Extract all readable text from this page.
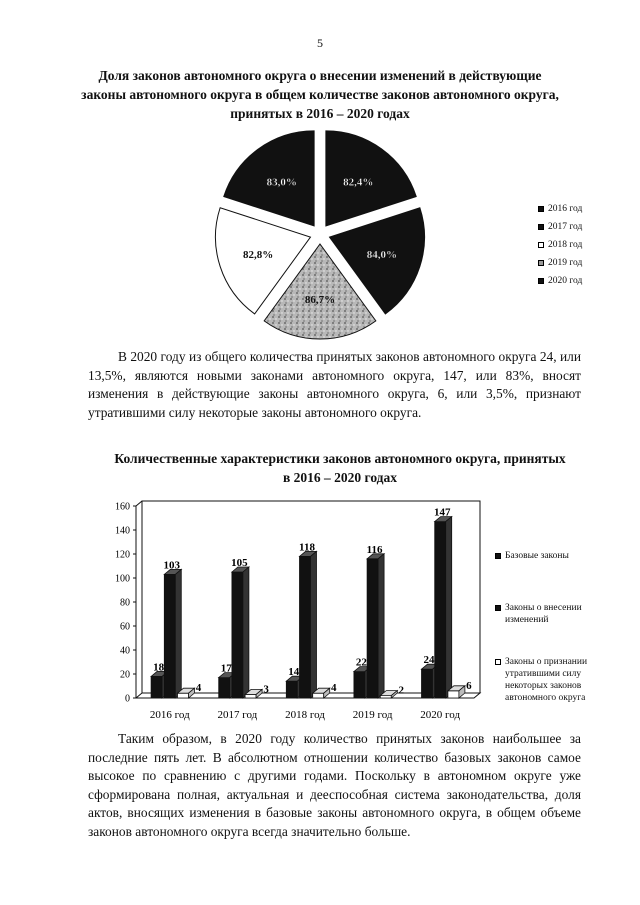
5
Доля законов автономного округа о внесении изменений в действующие законы автономного округа в общем количестве законов автономного округа, принятых в 2016 – 2020 годах
83,0%	82,4%
84,0%
86,7%
82,8%
2016 год
2017 год
2018 год
2019 год
2020 год
В 2020 году из общего количества принятых законов автономного округа 24, или 13,5%, являются новыми законами автономного округа, 147, или 83%, вносят изменения в действующие законы автономного округа, 6, или 3,5%, признают утратившими силу некоторые законы автономного округа.
Количественные характеристики законов автономного округа, принятых в 2016 – 2020 годах
0
20
40
60
80
100
120
140
160
2016 год
18
103
4
2017 год
17
105
3
2018 год
14
118
4
2019 год
22
116
2
2020 год
24
147
6
Базовые законы
Законы о внесении изменений
Законы о признании утратившими силу некоторых законов автономного округа
Таким образом, в 2020 году количество принятых законов наибольшее за последние пять лет. В абсолютном отношении количество базовых законов самое высокое по сравнению с другими годами. Поскольку в автономном округе уже сформирована полная, актуальная и дееспособная система законодательства, доля актов, вносящих изменения в базовые законы автономного округа, в общем объеме законов автономного округа всегда значительно больше.
